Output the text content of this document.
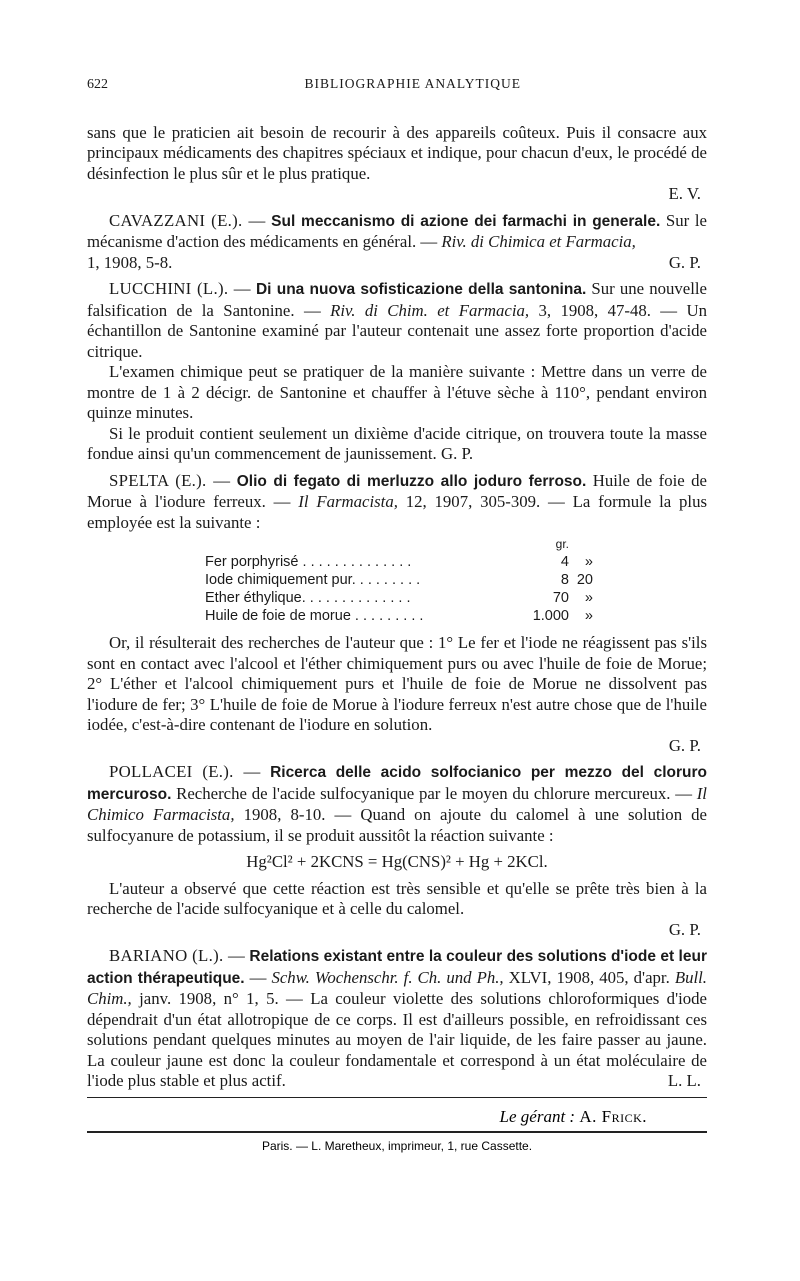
622	BIBLIOGRAPHIE ANALYTIQUE

sans que le praticien ait besoin de recourir à des appareils coûteux. Puis il consacre aux principaux médicaments des chapitres spéciaux et indique, pour chacun d'eux, le procédé de désinfection le plus sûr et le plus pratique.

E. V.

CAVAZZANI (E.). — Sul meccanismo di azione dei farmachi in generale. Sur le mécanisme d'action des médicaments en général. — Riv. di Chimica et Farmacia,

1, 1908, 5-8.	G. P.

LUCCHINI (L.). — Di una nuova sofisticazione della santonina. Sur une nouvelle falsification de la Santonine. — Riv. di Chim. et Farmacia, 3, 1908, 47-48. — Un échantillon de Santonine examiné par l'auteur contenait une assez forte proportion d'acide citrique.

L'examen chimique peut se pratiquer de la manière suivante : Mettre dans un verre de montre de 1 à 2 décigr. de Santonine et chauffer à l'étuve sèche à 110°, pendant environ quinze minutes.

Si le produit contient seulement un dixième d'acide citrique, on trouvera toute la masse fondue ainsi qu'un commencement de jaunissement. G. P.

SPELTA (E.). — Olio di fegato di merluzzo allo joduro ferroso. Huile de foie de Morue à l'iodure ferreux. — Il Farmacista, 12, 1907, 305-309. — La formule la plus employée est la suivante :

	gr.	
Fer porphyrisé . . . . . . . . . . . . . .	4	»
Iode chimiquement pur. . . . . . . . .	8	20
Ether éthylique. . . . . . . . . . . . . .	70	»
Huile de foie de morue . . . . . . . . .	1.000	»

Or, il résulterait des recherches de l'auteur que : 1° Le fer et l'iode ne réagissent pas s'ils sont en contact avec l'alcool et l'éther chimiquement purs ou avec l'huile de foie de Morue; 2° L'éther et l'alcool chimiquement purs et l'huile de foie de Morue ne dissolvent pas l'iodure de fer; 3° L'huile de foie de Morue à l'iodure ferreux n'est autre chose que de l'huile iodée, c'est-à-dire contenant de l'iodure en solution.

G. P.

POLLACEI (E.). — Ricerca delle acido solfocianico per mezzo del cloruro mercuroso. Recherche de l'acide sulfocyanique par le moyen du chlorure mercureux. — Il Chimico Farmacista, 1908, 8-10. — Quand on ajoute du calomel à une solution de sulfocyanure de potassium, il se produit aussitôt la réaction suivante :

Hg²Cl² + 2KCNS = Hg(CNS)² + Hg + 2KCl.

L'auteur a observé que cette réaction est très sensible et qu'elle se prête très bien à la recherche de l'acide sulfocyanique et à celle du calomel.

G. P.

BARIANO (L.). — Relations existant entre la couleur des solutions d'iode et leur action thérapeutique. — Schw. Wochenschr. f. Ch. und Ph., XLVI, 1908, 405, d'apr. Bull. Chim., janv. 1908, n° 1, 5. — La couleur violette des solutions chloroformiques d'iode dépendrait d'un état allotropique de ce corps. Il est d'ailleurs possible, en refroidissant ces solutions pendant quelques minutes au moyen de l'air liquide, de les faire passer au jaune. La couleur jaune est donc la couleur fondamentale et correspond à un état moléculaire de l'iode plus stable et plus actif.	L. L.

Le gérant : A. Frick.
Paris. — L. Maretheux, imprimeur, 1, rue Cassette.
